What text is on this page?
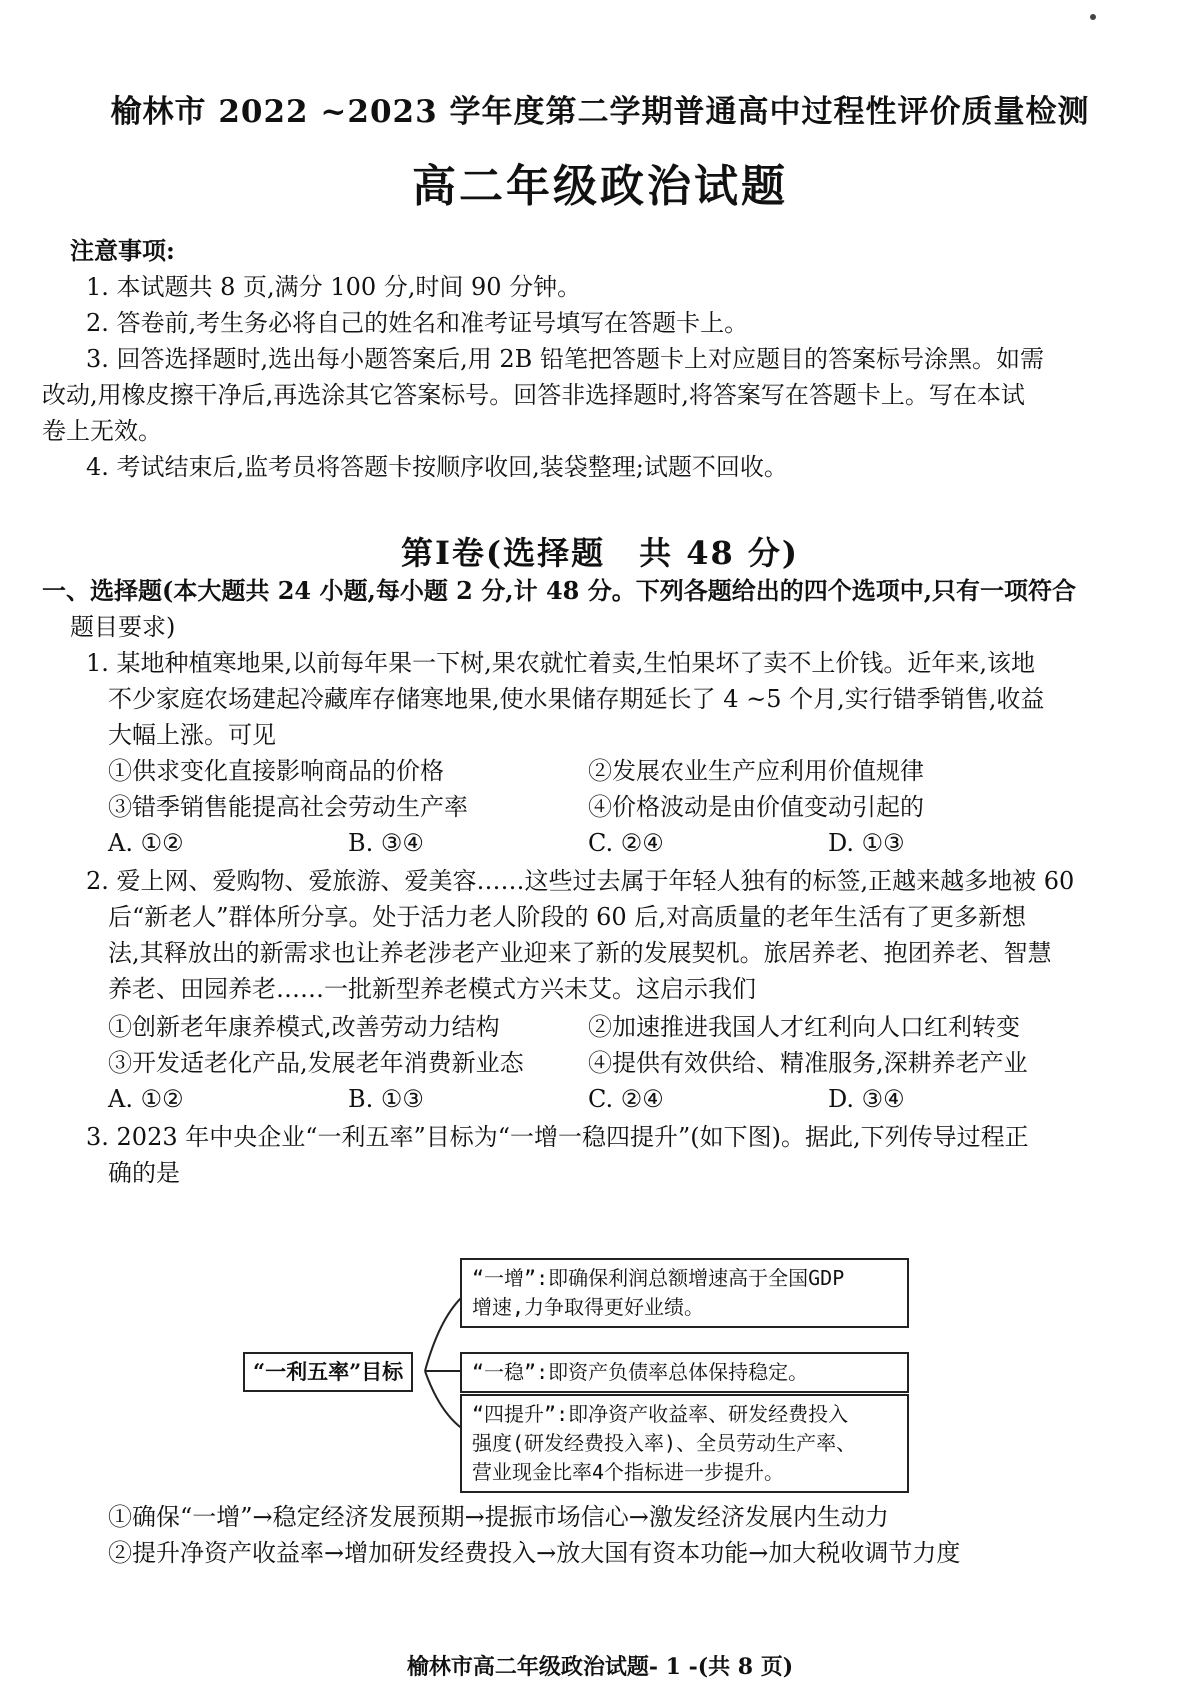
榆林市 2022 ~2023 学年度第二学期普通高中过程性评价质量检测
高二年级政治试题
注意事项:
1. 本试题共 8 页,满分 100 分,时间 90 分钟。
2. 答卷前,考生务必将自己的姓名和准考证号填写在答题卡上。
3. 回答选择题时,选出每小题答案后,用 2B 铅笔把答题卡上对应题目的答案标号涂黑。如需
改动,用橡皮擦干净后,再选涂其它答案标号。回答非选择题时,将答案写在答题卡上。写在本试
卷上无效。
4. 考试结束后,监考员将答题卡按顺序收回,装袋整理;试题不回收。
第Ⅰ卷(选择题　共 48 分)
一、选择题(本大题共 24 小题,每小题 2 分,计 48 分。下列各题给出的四个选项中,只有一项符合
题目要求)
1. 某地种植寒地果,以前每年果一下树,果农就忙着卖,生怕果坏了卖不上价钱。近年来,该地
不少家庭农场建起冷藏库存储寒地果,使水果储存期延长了 4 ~5 个月,实行错季销售,收益
大幅上涨。可见
①供求变化直接影响商品的价格	②发展农业生产应利用价值规律
③错季销售能提高社会劳动生产率	④价格波动是由价值变动引起的
A. ①②	B. ③④	C. ②④	D. ①③
2. 爱上网、爱购物、爱旅游、爱美容……这些过去属于年轻人独有的标签,正越来越多地被 60
后“新老人”群体所分享。处于活力老人阶段的 60 后,对高质量的老年生活有了更多新想
法,其释放出的新需求也让养老涉老产业迎来了新的发展契机。旅居养老、抱团养老、智慧
养老、田园养老……一批新型养老模式方兴未艾。这启示我们
①创新老年康养模式,改善劳动力结构	②加速推进我国人才红利向人口红利转变
③开发适老化产品,发展老年消费新业态	④提供有效供给、精准服务,深耕养老产业
A. ①②	B. ①③	C. ②④	D. ③④
3. 2023 年中央企业“一利五率”目标为“一增一稳四提升”(如下图)。据此,下列传导过程正
确的是
“一利五率”目标
“一增”:即确保利润总额增速高于全国GDP
增速,力争取得更好业绩。
“一稳”:即资产负债率总体保持稳定。
“四提升”:即净资产收益率、研发经费投入
强度(研发经费投入率)、全员劳动生产率、
营业现金比率4个指标进一步提升。
①确保“一增”→稳定经济发展预期→提振市场信心→激发经济发展内生动力
②提升净资产收益率→增加研发经费投入→放大国有资本功能→加大税收调节力度
榆林市高二年级政治试题- 1 -(共 8 页)
